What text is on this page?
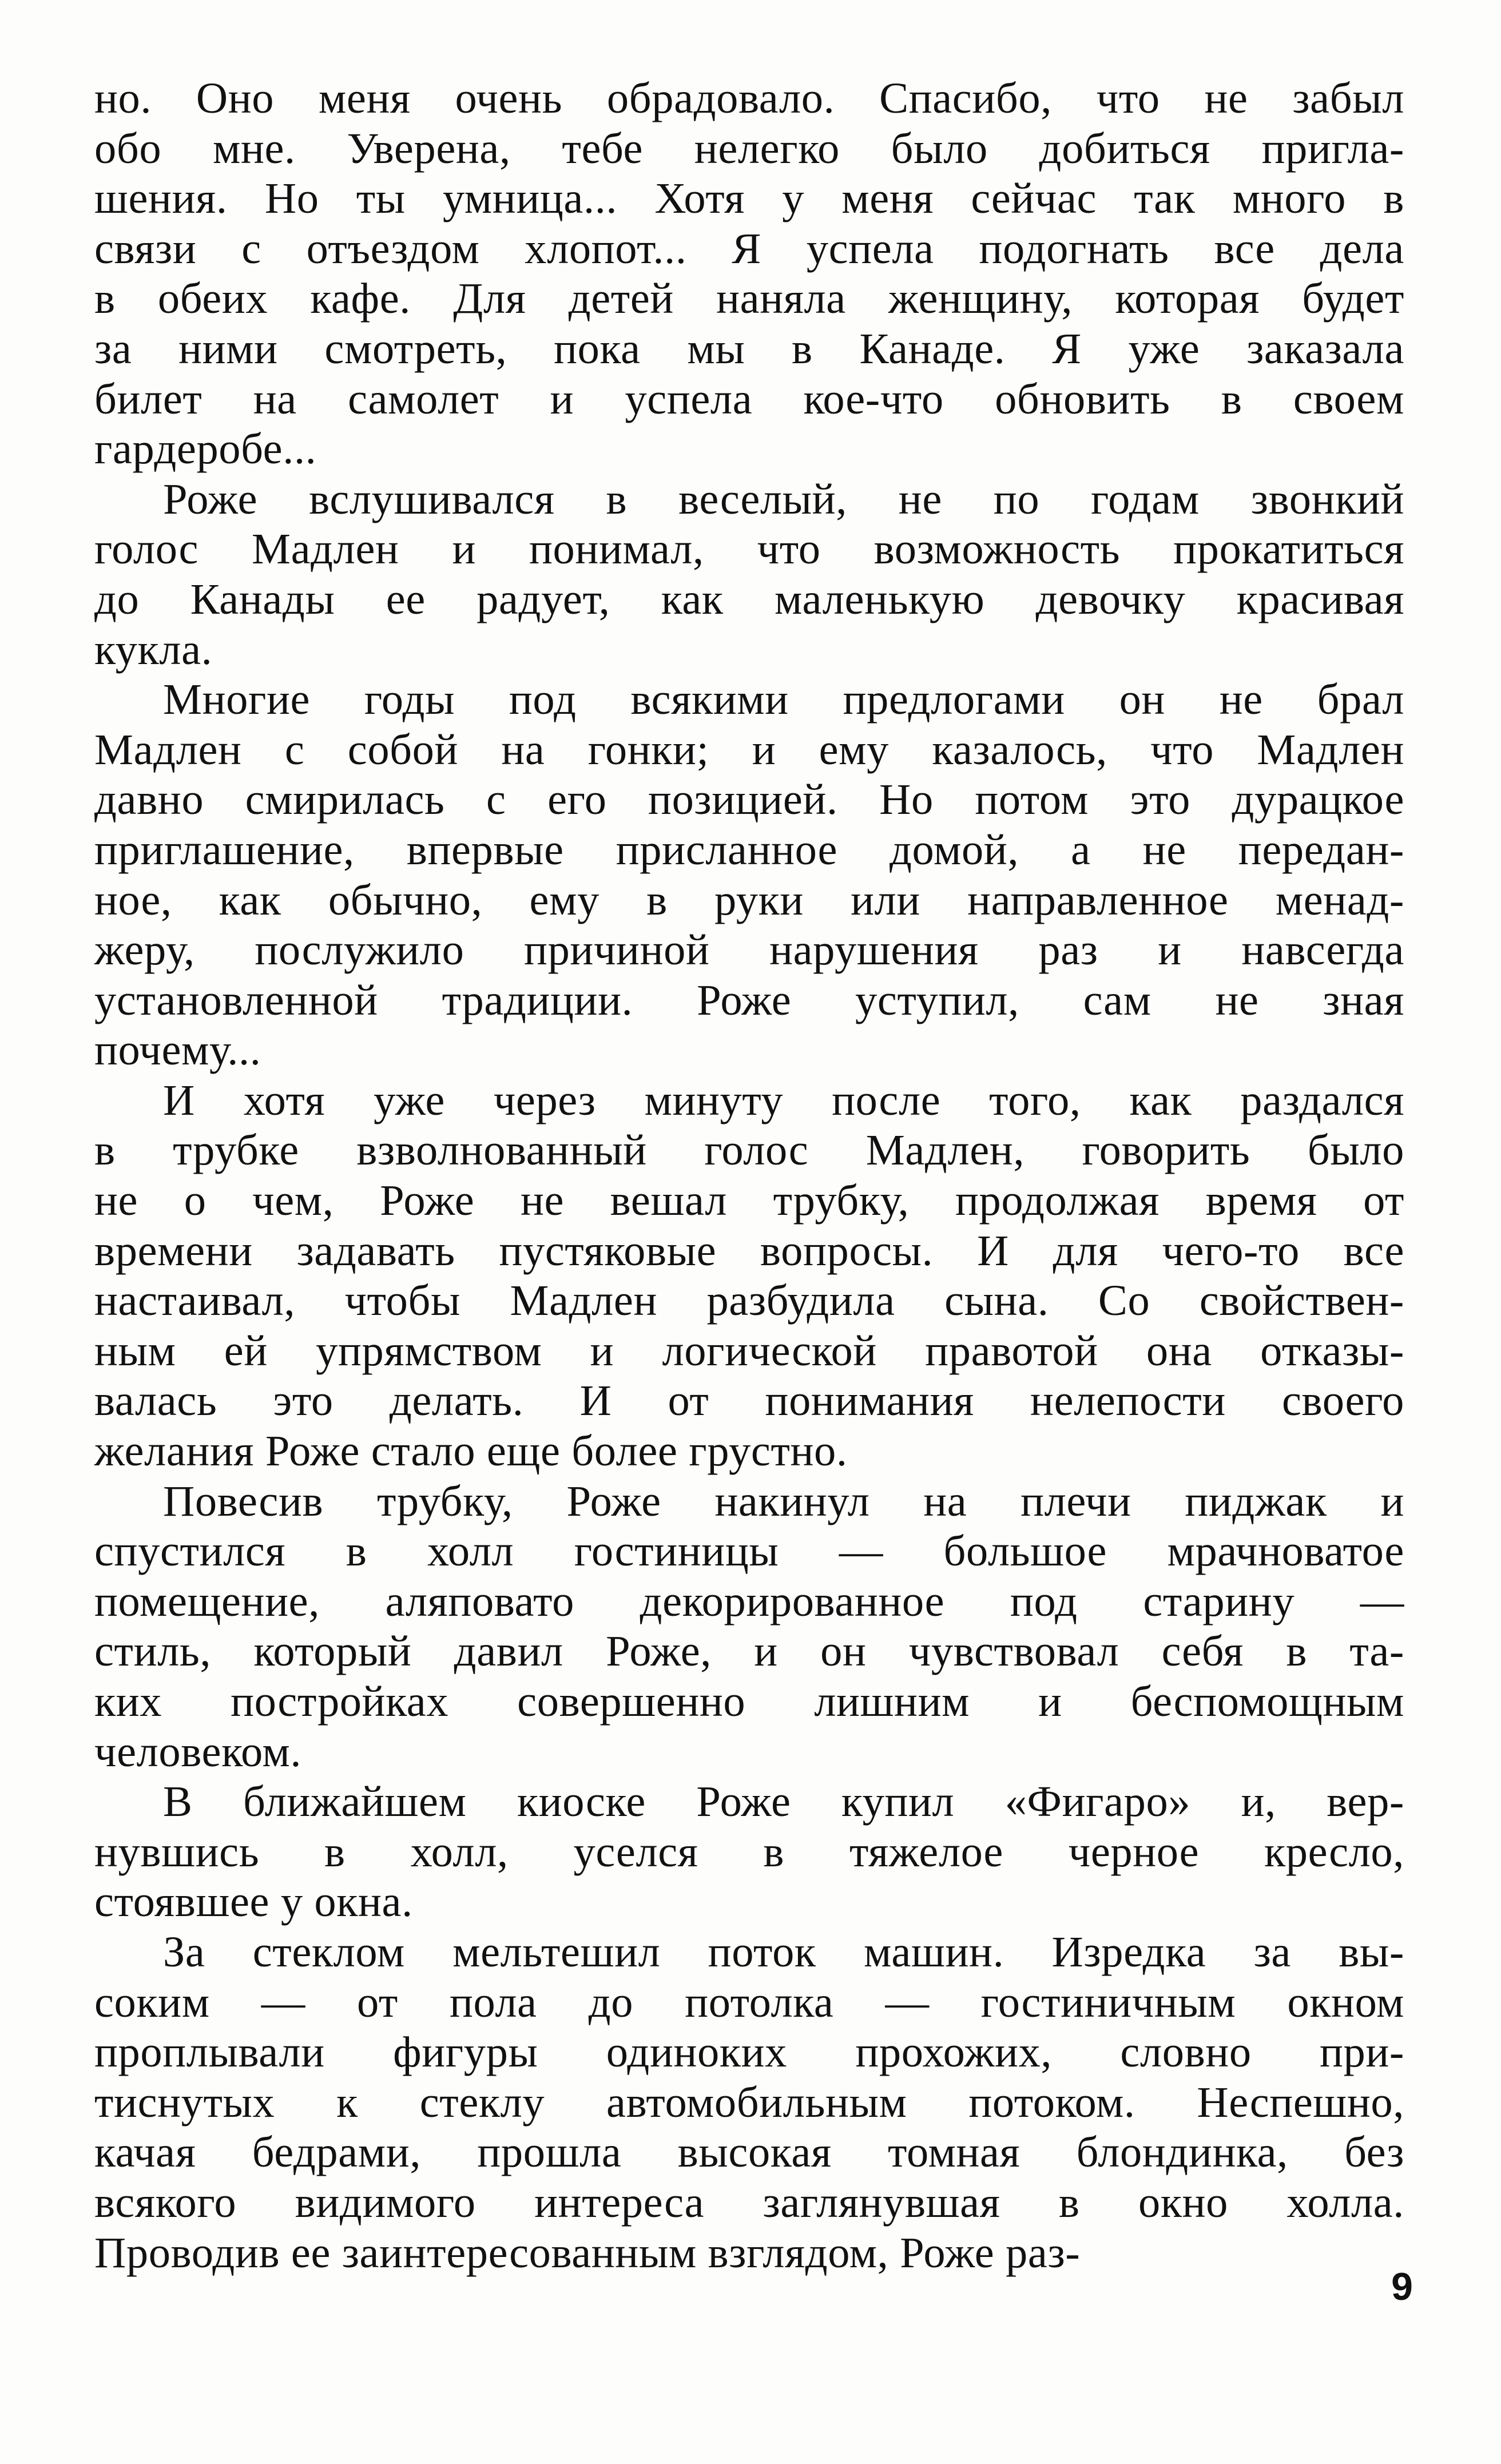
но. Оно меня очень обрадовало. Спасибо, что не забыл
обо мне. Уверена, тебе нелегко было добиться пригла-
шения. Но ты умница... Хотя у меня сейчас так много в
связи с отъездом хлопот... Я успела подогнать все дела
в обеих кафе. Для детей наняла женщину, которая будет
за ними смотреть, пока мы в Канаде. Я уже заказала
билет на самолет и успела кое-что обновить в своем
гардеробе...
Роже вслушивался в веселый, не по годам звонкий
голос Мадлен и понимал, что возможность прокатиться
до Канады ее радует, как маленькую девочку красивая
кукла.
Многие годы под всякими предлогами он не брал
Мадлен с собой на гонки; и ему казалось, что Мадлен
давно смирилась с его позицией. Но потом это дурацкое
приглашение, впервые присланное домой, а не передан-
ное, как обычно, ему в руки или направленное менад-
жеру, послужило причиной нарушения раз и навсегда
установленной традиции. Роже уступил, сам не зная
почему...
И хотя уже через минуту после того, как раздался
в трубке взволнованный голос Мадлен, говорить было
не о чем, Роже не вешал трубку, продолжая время от
времени задавать пустяковые вопросы. И для чего-то все
настаивал, чтобы Мадлен разбудила сына. Со свойствен-
ным ей упрямством и логической правотой она отказы-
валась это делать. И от понимания нелепости своего
желания Роже стало еще более грустно.
Повесив трубку, Роже накинул на плечи пиджак и
спустился в холл гостиницы — большое мрачноватое
помещение, аляповато декорированное под старину —
стиль, который давил Роже, и он чувствовал себя в та-
ких постройках совершенно лишним и беспомощным
человеком.
В ближайшем киоске Роже купил «Фигаро» и, вер-
нувшись в холл, уселся в тяжелое черное кресло,
стоявшее у окна.
За стеклом мельтешил поток машин. Изредка за вы-
соким — от пола до потолка — гостиничным окном
проплывали фигуры одиноких прохожих, словно при-
тиснутых к стеклу автомобильным потоком. Неспешно,
качая бедрами, прошла высокая томная блондинка, без
всякого видимого интереса заглянувшая в окно холла.
Проводив ее заинтересованным взглядом, Роже раз-
9
